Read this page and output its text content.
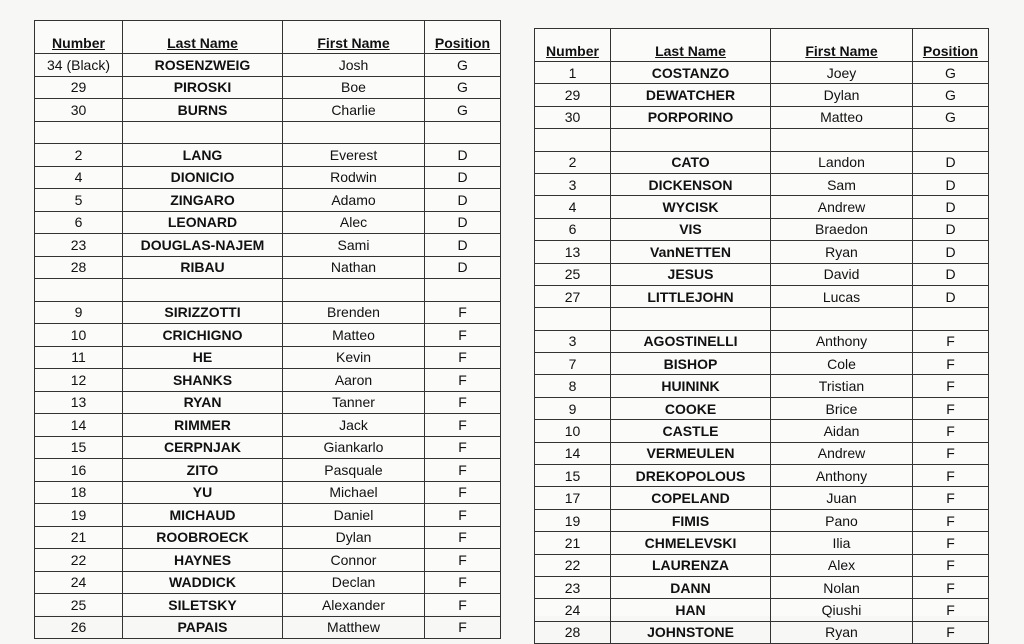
Number	Last Name	First Name	Position
34 (Black)	ROSENZWEIG	Josh	G
29	PIROSKI	Boe	G
30	BURNS	Charlie	G

2	LANG	Everest	D
4	DIONICIO	Rodwin	D
5	ZINGARO	Adamo	D
6	LEONARD	Alec	D
23	DOUGLAS-NAJEM	Sami	D
28	RIBAU	Nathan	D

9	SIRIZZOTTI	Brenden	F
10	CRICHIGNO	Matteo	F
11	HE	Kevin	F
12	SHANKS	Aaron	F
13	RYAN	Tanner	F
14	RIMMER	Jack	F
15	CERPNJAK	Giankarlo	F
16	ZITO	Pasquale	F
18	YU	Michael	F
19	MICHAUD	Daniel	F
21	ROOBROECK	Dylan	F
22	HAYNES	Connor	F
24	WADDICK	Declan	F
25	SILETSKY	Alexander	F
26	PAPAIS	Matthew	F
Number	Last Name	First Name	Position
1	COSTANZO	Joey	G
29	DEWATCHER	Dylan	G
30	PORPORINO	Matteo	G

2	CATO	Landon	D
3	DICKENSON	Sam	D
4	WYCISK	Andrew	D
6	VIS	Braedon	D
13	VanNETTEN	Ryan	D
25	JESUS	David	D
27	LITTLEJOHN	Lucas	D

3	AGOSTINELLI	Anthony	F
7	BISHOP	Cole	F
8	HUININK	Tristian	F
9	COOKE	Brice	F
10	CASTLE	Aidan	F
14	VERMEULEN	Andrew	F
15	DREKOPOLOUS	Anthony	F
17	COPELAND	Juan	F
19	FIMIS	Pano	F
21	CHMELEVSKI	Ilia	F
22	LAURENZA	Alex	F
23	DANN	Nolan	F
24	HAN	Qiushi	F
28	JOHNSTONE	Ryan	F
